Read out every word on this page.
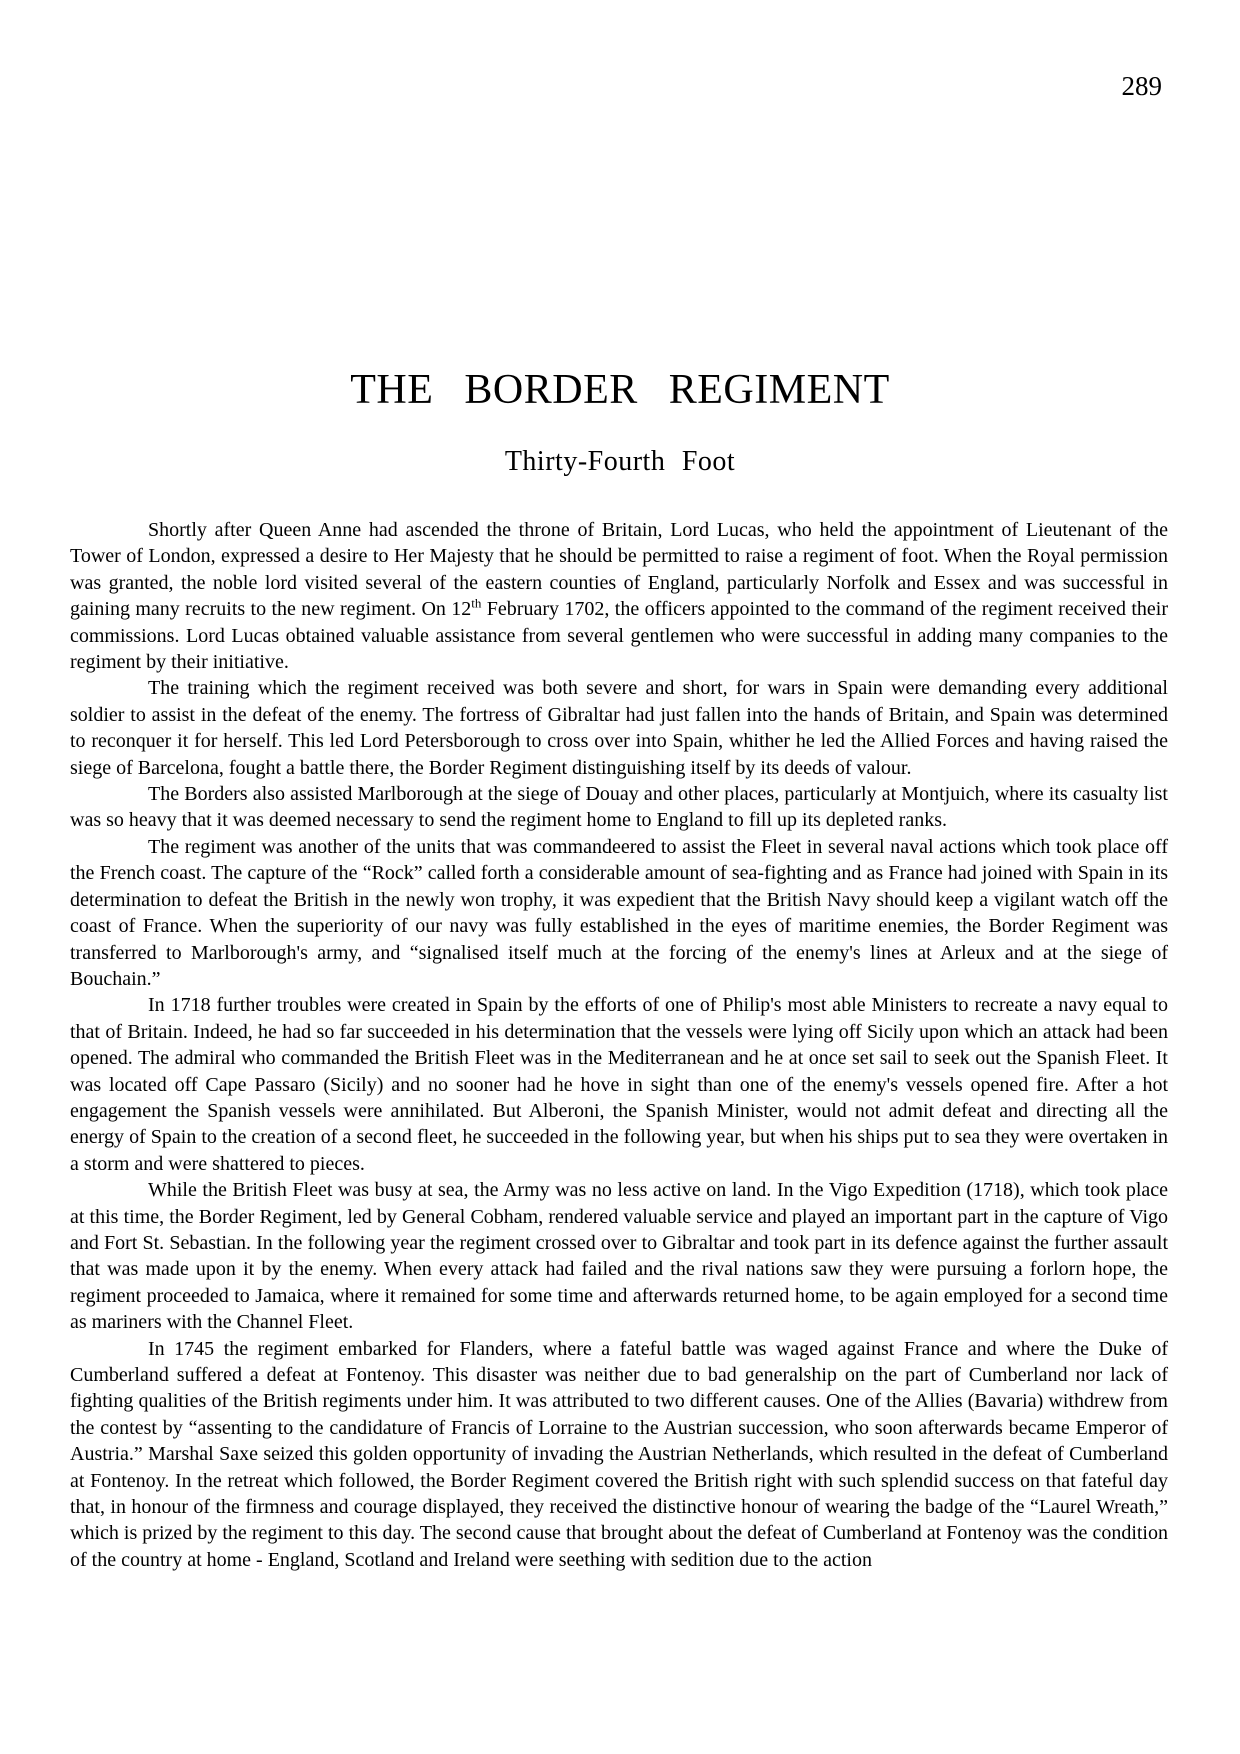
289
THE BORDER REGIMENT
Thirty-Fourth Foot

Shortly after Queen Anne had ascended the throne of Britain, Lord Lucas, who held the appointment of Lieutenant of the Tower of London, expressed a desire to Her Majesty that he should be permitted to raise a regiment of foot. When the Royal permission was granted, the noble lord visited several of the eastern counties of England, particularly Norfolk and Essex and was successful in gaining many recruits to the new regiment. On 12th February 1702, the officers appointed to the command of the regiment received their commissions. Lord Lucas obtained valuable assistance from several gentlemen who were successful in adding many companies to the regiment by their initiative.

The training which the regiment received was both severe and short, for wars in Spain were demanding every additional soldier to assist in the defeat of the enemy. The fortress of Gibraltar had just fallen into the hands of Britain, and Spain was determined to reconquer it for herself. This led Lord Petersborough to cross over into Spain, whither he led the Allied Forces and having raised the siege of Barcelona, fought a battle there, the Border Regiment distinguishing itself by its deeds of valour.

The Borders also assisted Marlborough at the siege of Douay and other places, particularly at Montjuich, where its casualty list was so heavy that it was deemed necessary to send the regiment home to England to fill up its depleted ranks.

The regiment was another of the units that was commandeered to assist the Fleet in several naval actions which took place off the French coast. The capture of the “Rock” called forth a considerable amount of sea-fighting and as France had joined with Spain in its determination to defeat the British in the newly won trophy, it was expedient that the British Navy should keep a vigilant watch off the coast of France. When the superiority of our navy was fully established in the eyes of maritime enemies, the Border Regiment was transferred to Marlborough's army, and “signalised itself much at the forcing of the enemy's lines at Arleux and at the siege of Bouchain.”

In 1718 further troubles were created in Spain by the efforts of one of Philip's most able Ministers to recreate a navy equal to that of Britain. Indeed, he had so far succeeded in his determination that the vessels were lying off Sicily upon which an attack had been opened. The admiral who commanded the British Fleet was in the Mediterranean and he at once set sail to seek out the Spanish Fleet. It was located off Cape Passaro (Sicily) and no sooner had he hove in sight than one of the enemy's vessels opened fire. After a hot engagement the Spanish vessels were annihilated. But Alberoni, the Spanish Minister, would not admit defeat and directing all the energy of Spain to the creation of a second fleet, he succeeded in the following year, but when his ships put to sea they were overtaken in a storm and were shattered to pieces.

While the British Fleet was busy at sea, the Army was no less active on land. In the Vigo Expedition (1718), which took place at this time, the Border Regiment, led by General Cobham, rendered valuable service and played an important part in the capture of Vigo and Fort St. Sebastian. In the following year the regiment crossed over to Gibraltar and took part in its defence against the further assault that was made upon it by the enemy. When every attack had failed and the rival nations saw they were pursuing a forlorn hope, the regiment proceeded to Jamaica, where it remained for some time and afterwards returned home, to be again employed for a second time as mariners with the Channel Fleet.

In 1745 the regiment embarked for Flanders, where a fateful battle was waged against France and where the Duke of Cumberland suffered a defeat at Fontenoy. This disaster was neither due to bad generalship on the part of Cumberland nor lack of fighting qualities of the British regiments under him. It was attributed to two different causes. One of the Allies (Bavaria) withdrew from the contest by “assenting to the candidature of Francis of Lorraine to the Austrian succession, who soon afterwards became Emperor of Austria.” Marshal Saxe seized this golden opportunity of invading the Austrian Netherlands, which resulted in the defeat of Cumberland at Fontenoy. In the retreat which followed, the Border Regiment covered the British right with such splendid success on that fateful day that, in honour of the firmness and courage displayed, they received the distinctive honour of wearing the badge of the “Laurel Wreath,” which is prized by the regiment to this day. The second cause that brought about the defeat of Cumberland at Fontenoy was the condition of the country at home - England, Scotland and Ireland were seething with sedition due to the action
